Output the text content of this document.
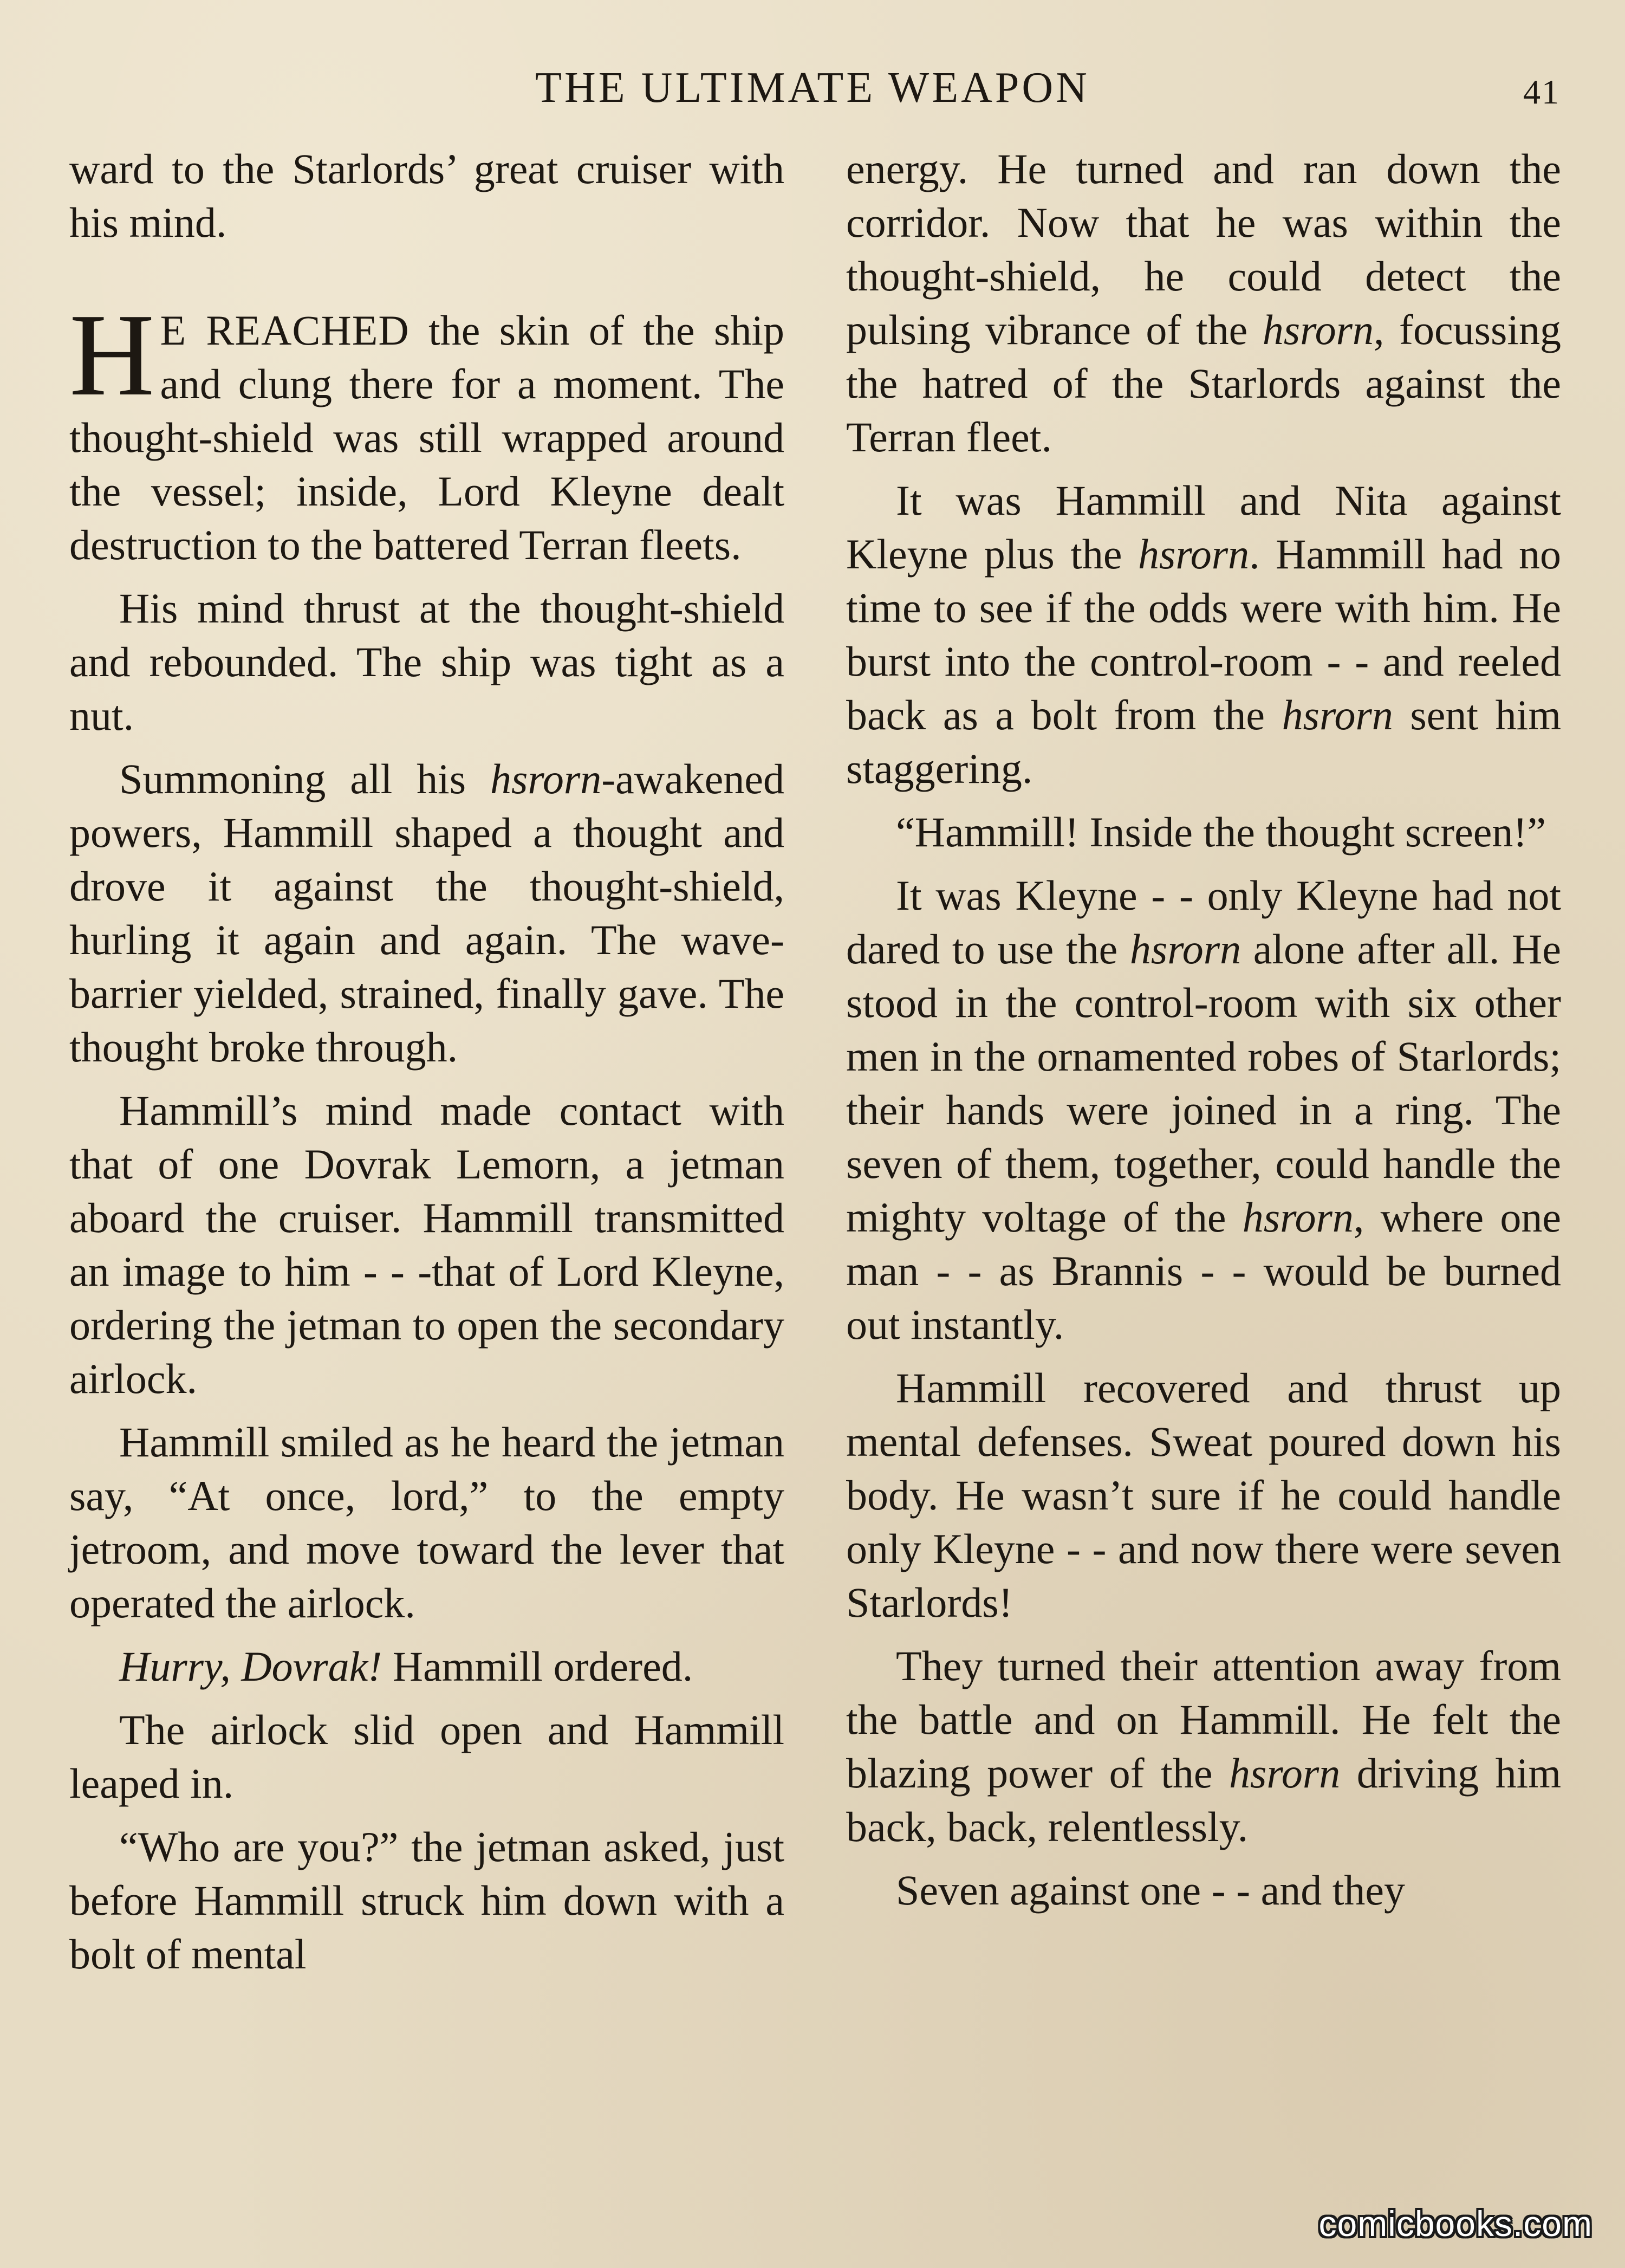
THE ULTIMATE WEAPON	41

ward to the Starlords’ great cruiser with his mind.

H E REACHED the skin of the ship and clung there for a moment. The thought-shield was still wrapped around the vessel; inside, Lord Kleyne dealt destruction to the battered Terran fleets.

His mind thrust at the thought-shield and rebounded. The ship was tight as a nut.

Summoning all his hsrorn-awakened powers, Hammill shaped a thought and drove it against the thought-shield, hurling it again and again. The wave-barrier yielded, strained, finally gave. The thought broke through.

Hammill’s mind made contact with that of one Dovrak Lemorn, a jetman aboard the cruiser. Hammill transmitted an image to him - - -that of Lord Kleyne, ordering the jetman to open the secondary airlock.

Hammill smiled as he heard the jetman say, “At once, lord,” to the empty jetroom, and move toward the lever that operated the airlock.

Hurry, Dovrak! Hammill ordered.

The airlock slid open and Hammill leaped in.

“Who are you?” the jetman asked, just before Hammill struck him down with a bolt of mental

energy. He turned and ran down the corridor. Now that he was within the thought-shield, he could detect the pulsing vibrance of the hsrorn, focussing the hatred of the Starlords against the Terran fleet.

It was Hammill and Nita against Kleyne plus the hsrorn. Hammill had no time to see if the odds were with him. He burst into the control-room - - and reeled back as a bolt from the hsrorn sent him staggering.

“Hammill! Inside the thought screen!”

It was Kleyne - - only Kleyne had not dared to use the hsrorn alone after all. He stood in the control-room with six other men in the ornamented robes of Starlords; their hands were joined in a ring. The seven of them, together, could handle the mighty voltage of the hsrorn, where one man - - as Brannis - - would be burned out instantly.

Hammill recovered and thrust up mental defenses. Sweat poured down his body. He wasn’t sure if he could handle only Kleyne - - and now there were seven Starlords!

They turned their attention away from the battle and on Hammill. He felt the blazing power of the hsrorn driving him back, back, relentlessly.

Seven against one - - and they

comicbooks.com
